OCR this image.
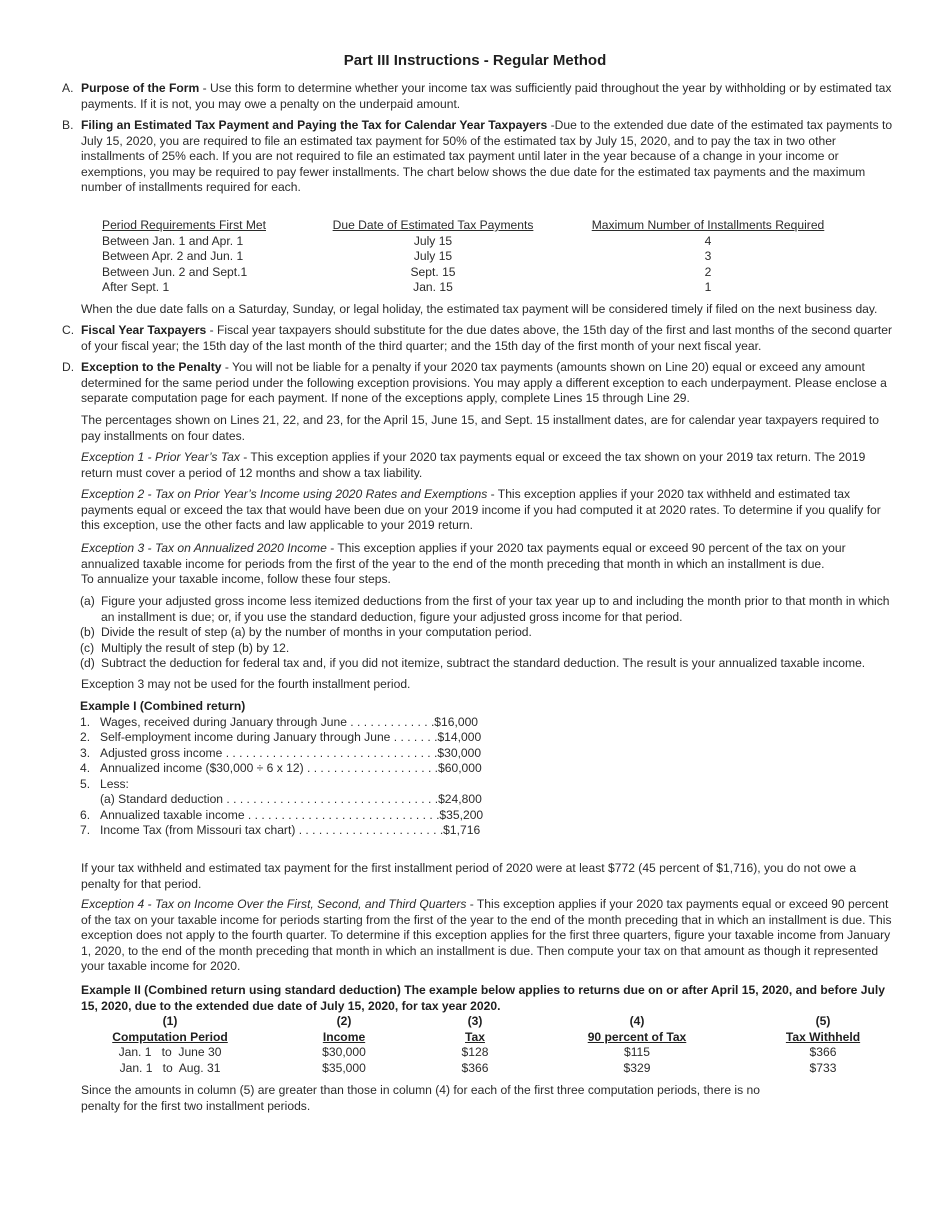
Part III Instructions - Regular Method
A. Purpose of the Form - Use this form to determine whether your income tax was sufficiently paid throughout the year by withholding or by estimated tax payments. If it is not, you may owe a penalty on the underpaid amount.
B. Filing an Estimated Tax Payment and Paying the Tax for Calendar Year Taxpayers -Due to the extended due date of the estimated tax payments to July 15, 2020, you are required to file an estimated tax payment for 50% of the estimated tax by July 15, 2020, and to pay the tax in two other installments of 25% each. If you are not required to file an estimated tax payment until later in the year because of a change in your income or exemptions, you may be required to pay fewer installments. The chart below shows the due date for the estimated tax payments and the maximum number of installments required for each.
Period Requirements First Met	Due Date of Estimated Tax Payments	Maximum Number of Installments Required
Between Jan. 1 and Apr. 1	July 15	4
Between Apr. 2 and Jun. 1	July 15	3
Between Jun. 2 and Sept.1	Sept. 15	2
After Sept. 1	Jan. 15	1
When the due date falls on a Saturday, Sunday, or legal holiday, the estimated tax payment will be considered timely if filed on the next business day.
C. Fiscal Year Taxpayers - Fiscal year taxpayers should substitute for the due dates above, the 15th day of the first and last months of the second quarter of your fiscal year; the 15th day of the last month of the third quarter; and the 15th day of the first month of your next fiscal year.
D. Exception to the Penalty - You will not be liable for a penalty if your 2020 tax payments (amounts shown on Line 20) equal or exceed any amount determined for the same period under the following exception provisions. You may apply a different exception to each underpayment. Please enclose a separate computation page for each payment. If none of the exceptions apply, complete Lines 15 through Line 29.
The percentages shown on Lines 21, 22, and 23, for the April 15, June 15, and Sept. 15 installment dates, are for calendar year taxpayers required to pay installments on four dates.
Exception 1 - Prior Year’s Tax - This exception applies if your 2020 tax payments equal or exceed the tax shown on your 2019 tax return. The 2019 return must cover a period of 12 months and show a tax liability.
Exception 2 - Tax on Prior Year’s Income using 2020 Rates and Exemptions - This exception applies if your 2020 tax withheld and estimated tax payments equal or exceed the tax that would have been due on your 2019 income if you had computed it at 2020 rates. To determine if you qualify for this exception, use the other facts and law applicable to your 2019 return.
Exception 3 - Tax on Annualized 2020 Income - This exception applies if your 2020 tax payments equal or exceed 90 percent of the tax on your annualized taxable income for periods from the first of the year to the end of the month preceding that month in which an installment is due.
To annualize your taxable income, follow these four steps.
(a) Figure your adjusted gross income less itemized deductions from the first of your tax year up to and including the month prior to that month in which an installment is due; or, if you use the standard deduction, figure your adjusted gross income for that period.
(b) Divide the result of step (a) by the number of months in your computation period.
(c) Multiply the result of step (b) by 12.
(d) Subtract the deduction for federal tax and, if you did not itemize, subtract the standard deduction. The result is your annualized taxable income.
Exception 3 may not be used for the fourth installment period.
Example I (Combined return)
1. Wages, received during January through June . . . . . . . . . . . . .$16,000
2. Self-employment income during January through June . . . . . . .$14,000
3. Adjusted gross income . . . . . . . . . . . . . . . . . . . . . . . . . . . . . . . .$30,000
4. Annualized income ($30,000 ÷ 6 x 12) . . . . . . . . . . . . . . . . . . . .$60,000
5. Less:
(a) Standard deduction . . . . . . . . . . . . . . . . . . . . . . . . . . . . . . . .$24,800
6. Annualized taxable income . . . . . . . . . . . . . . . . . . . . . . . . . . . . .$35,200
7. Income Tax (from Missouri tax chart) . . . . . . . . . . . . . . . . . . . . . .$1,716
If your tax withheld and estimated tax payment for the first installment period of 2020 were at least $772 (45 percent of $1,716), you do not owe a penalty for that period.
Exception 4 - Tax on Income Over the First, Second, and Third Quarters - This exception applies if your 2020 tax payments equal or exceed 90 percent of the tax on your taxable income for periods starting from the first of the year to the end of the month preceding that in which an installment is due. This exception does not apply to the fourth quarter. To determine if this exception applies for the first three quarters, figure your taxable income from January 1, 2020, to the end of the month preceding that month in which an installment is due. Then compute your tax on that amount as though it represented your taxable income for 2020.
Example II (Combined return using standard deduction) The example below applies to returns due on or after April 15, 2020, and before July 15, 2020, due to the extended due date of July 15, 2020, for tax year 2020.
(1)	(2)	(3)	(4)	(5)
Computation Period	Income	Tax	90 percent of Tax	Tax Withheld
Jan. 1   to  June 30	$30,000	$128	$115	$366
Jan. 1   to  Aug. 31	$35,000	$366	$329	$733
Since the amounts in column (5) are greater than those in column (4) for each of the first three computation periods, there is no penalty for the first two installment periods.
